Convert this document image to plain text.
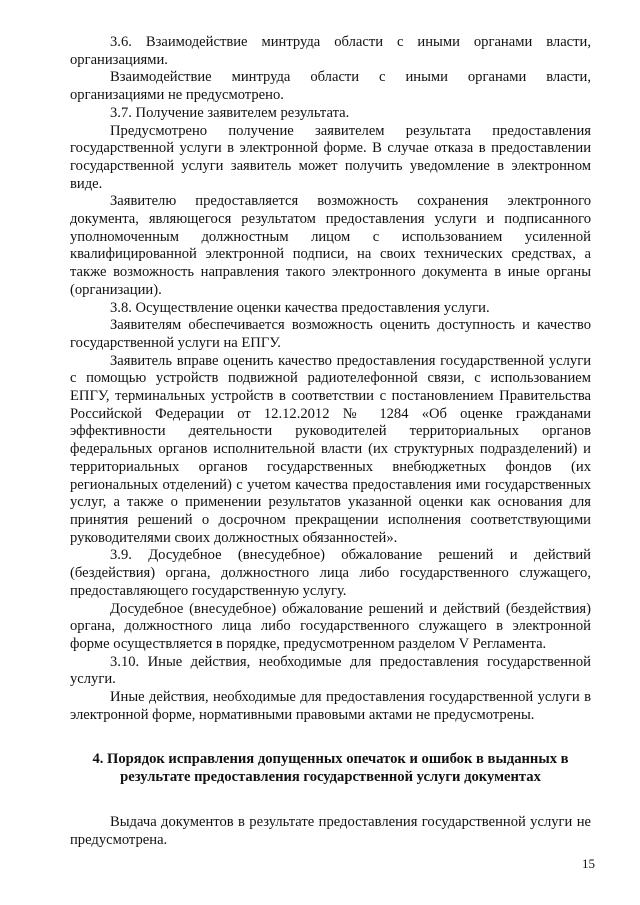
3.6. Взаимодействие минтруда области с иными органами власти, организациями.

Взаимодействие минтруда области с иными органами власти, организациями не предусмотрено.

3.7. Получение заявителем результата.

Предусмотрено получение заявителем результата предоставления государственной услуги в электронной форме. В случае отказа в предоставлении государственной услуги заявитель может получить уведомление в электронном виде.

Заявителю предоставляется возможность сохранения электронного документа, являющегося результатом предоставления услуги и подписанного уполномоченным должностным лицом с использованием усиленной квалифицированной электронной подписи, на своих технических средствах, а также возможность направления такого электронного документа в иные органы (организации).

3.8. Осуществление оценки качества предоставления услуги.

Заявителям обеспечивается возможность оценить доступность и качество государственной услуги на ЕПГУ.

Заявитель вправе оценить качество предоставления государственной услуги с помощью устройств подвижной радиотелефонной связи, с использованием ЕПГУ, терминальных устройств в соответствии с постановлением Правительства Российской Федерации от 12.12.2012 № 1284 «Об оценке гражданами эффективности деятельности руководителей территориальных органов федеральных органов исполнительной власти (их структурных подразделений) и территориальных органов государственных внебюджетных фондов (их региональных отделений) с учетом качества предоставления ими государственных услуг, а также о применении результатов указанной оценки как основания для принятия решений о досрочном прекращении исполнения соответствующими руководителями своих должностных обязанностей».

3.9. Досудебное (внесудебное) обжалование решений и действий (бездействия) органа, должностного лица либо государственного служащего, предоставляющего государственную услугу.

Досудебное (внесудебное) обжалование решений и действий (бездействия) органа, должностного лица либо государственного служащего в электронной форме осуществляется в порядке, предусмотренном разделом V Регламента.

3.10. Иные действия, необходимые для предоставления государственной услуги.

Иные действия, необходимые для предоставления государственной услуги в электронной форме, нормативными правовыми актами не предусмотрены.

4. Порядок исправления допущенных опечаток и ошибок в выданных в результате предоставления государственной услуги документах

Выдача документов в результате предоставления государственной услуги не предусмотрена.

15
